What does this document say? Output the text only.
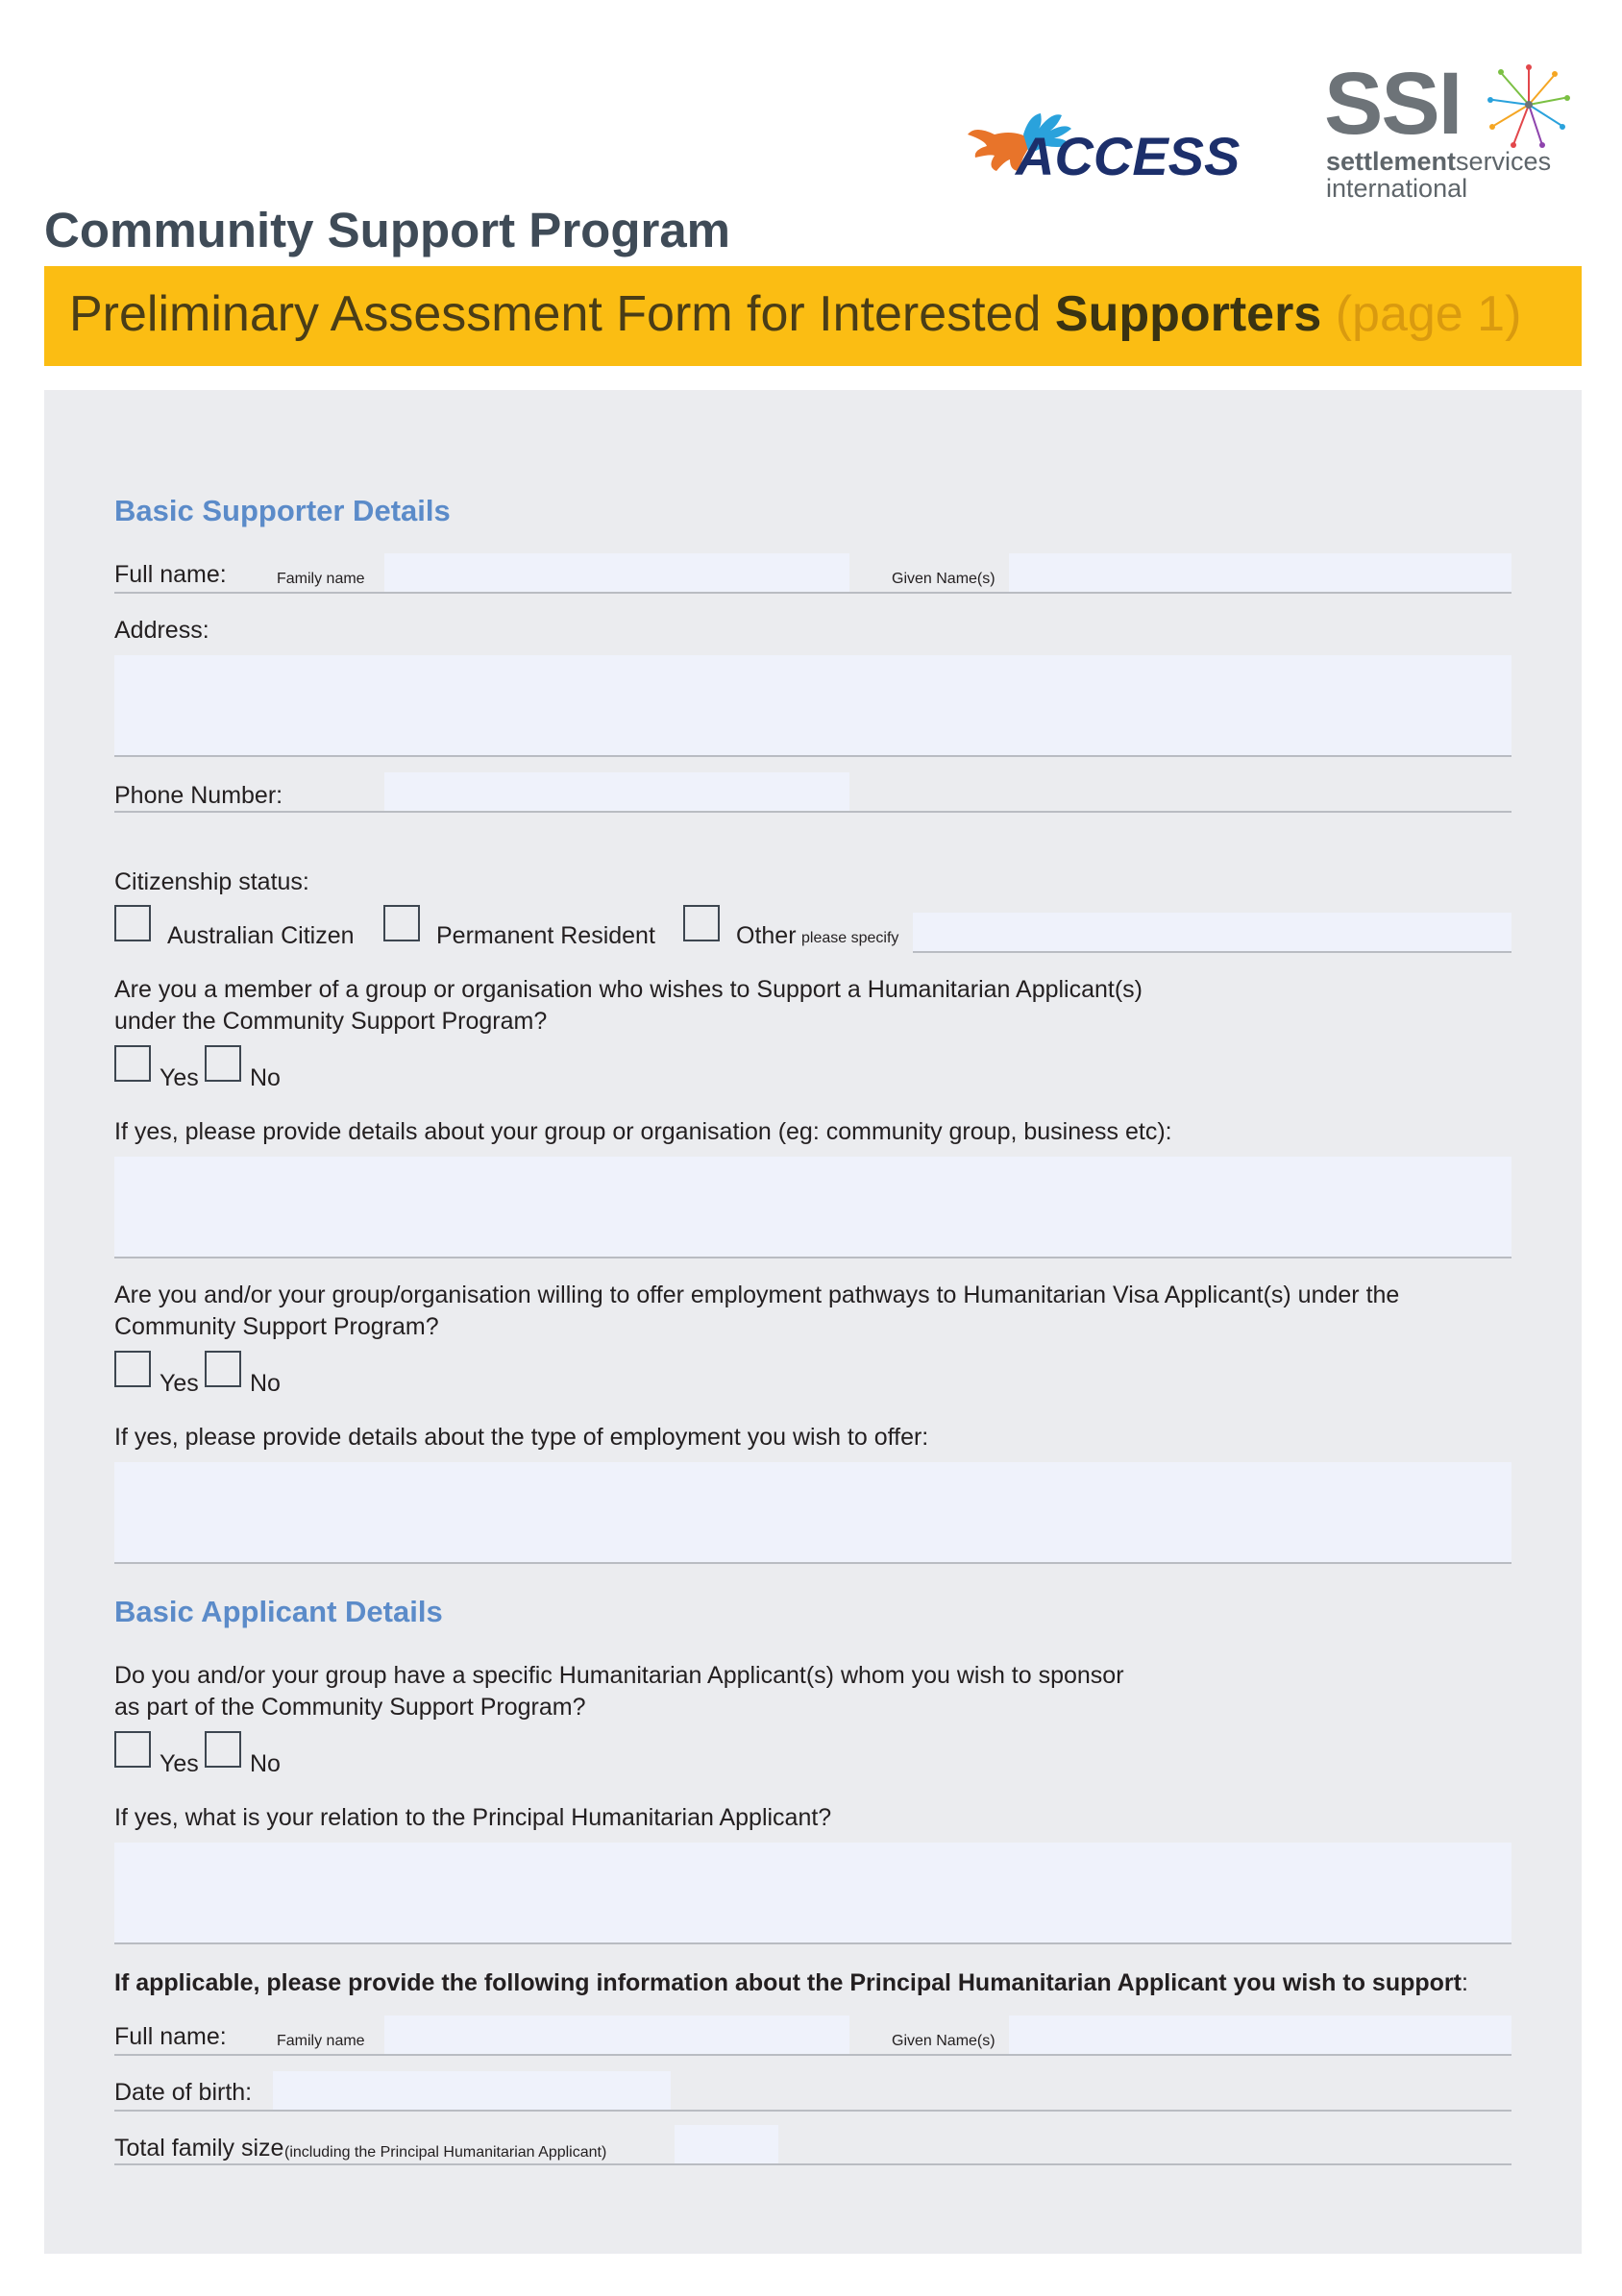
ACCESS
SSI
settlementservices
international
Community Support Program
Preliminary Assessment Form for Interested Supporters (page 1)
Basic Supporter Details
Full name:	Family name	Given Name(s)
Address:
Phone Number:
Citizenship status:
Australian Citizen	Permanent Resident	Other please specify
Are you a member of a group or organisation who wishes to Support a Humanitarian Applicant(s)
under the Community Support Program?
Yes No
If yes, please provide details about your group or organisation (eg: community group, business etc):
Are you and/or your group/organisation willing to offer employment pathways to Humanitarian Visa Applicant(s) under the
Community Support Program?
Yes No
If yes, please provide details about the type of employment you wish to offer:
Basic Applicant Details
Do you and/or your group have a specific Humanitarian Applicant(s) whom you wish to sponsor
as part of the Community Support Program?
Yes No
If yes, what is your relation to the Principal Humanitarian Applicant?
If applicable, please provide the following information about the Principal Humanitarian Applicant you wish to support:
Full name:	Family name	Given Name(s)
Date of birth:
Total family size (including the Principal Humanitarian Applicant)
